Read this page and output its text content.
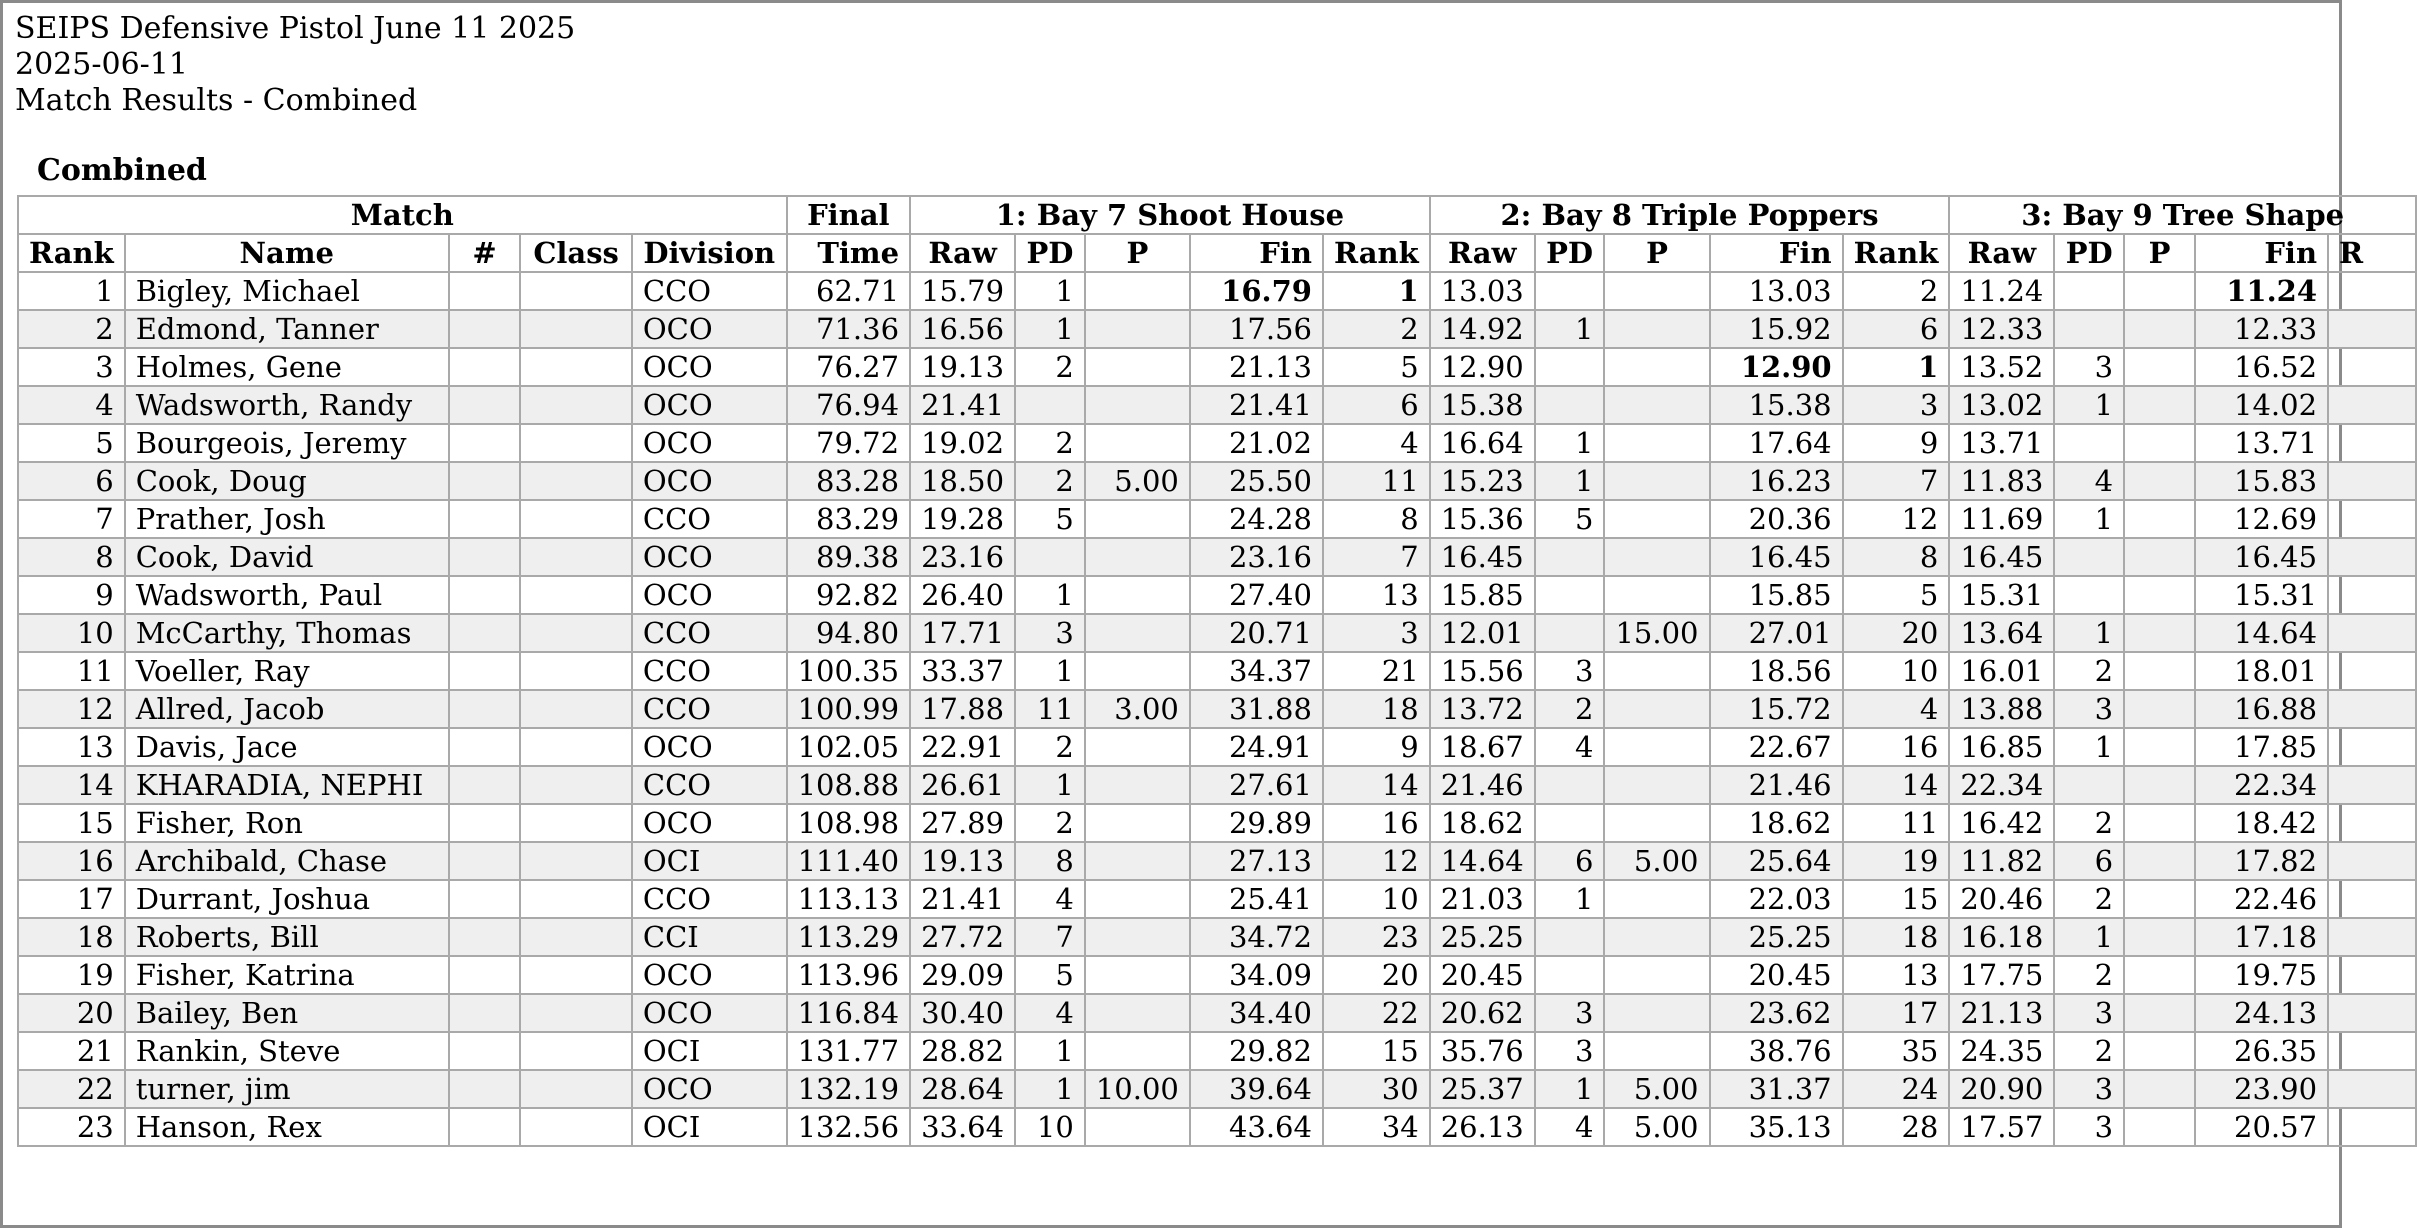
SEIPS Defensive Pistol June 11 2025
2025-06-11
Match Results - Combined
Combined
Match					Final	1: Bay 7 Shoot House					2: Bay 8 Triple Poppers					3: Bay 9 Tree Shape				
Rank	Name	#	Class	Division	Time	Raw	PD	P	Fin	Rank	Raw	PD	P	Fin	Rank	Raw	PD	P	Fin	R
1	Bigley, Michael			CCO	62.71	15.79	1		16.79	1	13.03			13.03	2	11.24			11.24	
2	Edmond, Tanner			OCO	71.36	16.56	1		17.56	2	14.92	1		15.92	6	12.33			12.33	
3	Holmes, Gene			OCO	76.27	19.13	2		21.13	5	12.90			12.90	1	13.52	3		16.52	
4	Wadsworth, Randy			OCO	76.94	21.41			21.41	6	15.38			15.38	3	13.02	1		14.02	
5	Bourgeois, Jeremy			OCO	79.72	19.02	2		21.02	4	16.64	1		17.64	9	13.71			13.71	
6	Cook, Doug			OCO	83.28	18.50	2	5.00	25.50	11	15.23	1		16.23	7	11.83	4		15.83	
7	Prather, Josh			CCO	83.29	19.28	5		24.28	8	15.36	5		20.36	12	11.69	1		12.69	
8	Cook, David			OCO	89.38	23.16			23.16	7	16.45			16.45	8	16.45			16.45	
9	Wadsworth, Paul			OCO	92.82	26.40	1		27.40	13	15.85			15.85	5	15.31			15.31	
10	McCarthy, Thomas			CCO	94.80	17.71	3		20.71	3	12.01		15.00	27.01	20	13.64	1		14.64	
11	Voeller, Ray			CCO	100.35	33.37	1		34.37	21	15.56	3		18.56	10	16.01	2		18.01	
12	Allred, Jacob			CCO	100.99	17.88	11	3.00	31.88	18	13.72	2		15.72	4	13.88	3		16.88	
13	Davis, Jace			OCO	102.05	22.91	2		24.91	9	18.67	4		22.67	16	16.85	1		17.85	
14	KHARADIA, NEPHI			CCO	108.88	26.61	1		27.61	14	21.46			21.46	14	22.34			22.34	
15	Fisher, Ron			OCO	108.98	27.89	2		29.89	16	18.62			18.62	11	16.42	2		18.42	
16	Archibald, Chase			OCI	111.40	19.13	8		27.13	12	14.64	6	5.00	25.64	19	11.82	6		17.82	
17	Durrant, Joshua			CCO	113.13	21.41	4		25.41	10	21.03	1		22.03	15	20.46	2		22.46	
18	Roberts, Bill			CCI	113.29	27.72	7		34.72	23	25.25			25.25	18	16.18	1		17.18	
19	Fisher, Katrina			OCO	113.96	29.09	5		34.09	20	20.45			20.45	13	17.75	2		19.75	
20	Bailey, Ben			OCO	116.84	30.40	4		34.40	22	20.62	3		23.62	17	21.13	3		24.13	
21	Rankin, Steve			OCI	131.77	28.82	1		29.82	15	35.76	3		38.76	35	24.35	2		26.35	
22	turner, jim			OCO	132.19	28.64	1	10.00	39.64	30	25.37	1	5.00	31.37	24	20.90	3		23.90	
23	Hanson, Rex			OCI	132.56	33.64	10		43.64	34	26.13	4	5.00	35.13	28	17.57	3		20.57	
